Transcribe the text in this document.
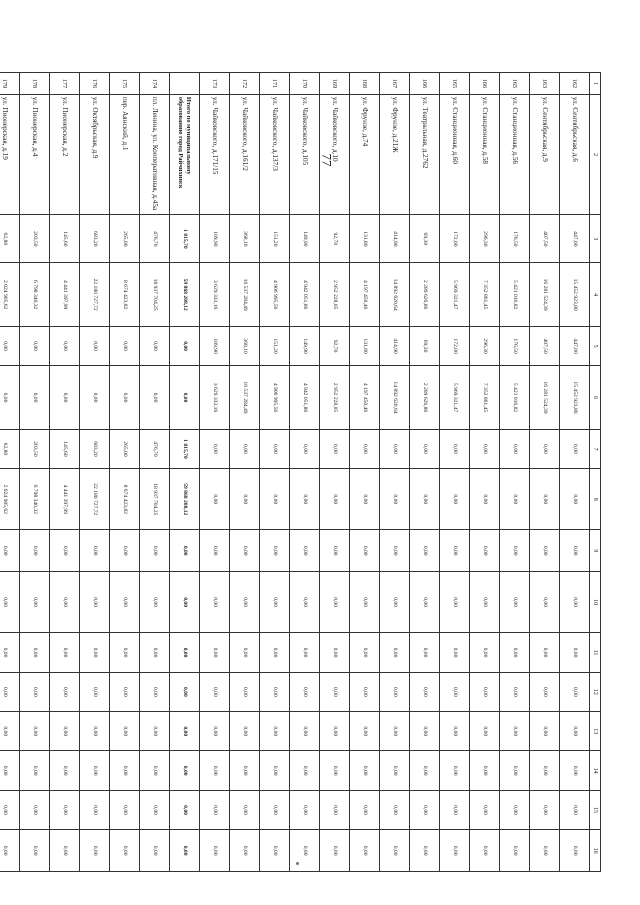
77
1	2	3	4	5	6	7	8	9	10	11	12	13	14	15	16
162	ул. Сентябрьская, д.6	447,00	15 452 923,80	447,00	15 452 923,80	0,00	0,00	0,00	0,00	0,00	0,00	0,00	0,00	0,00	0,00
163	ул. Сентябрьская, д.9	407,50	16 281 524,39	407,50	16 281 524,39	0,00	0,00	0,00	0,00	0,00	0,00	0,00	0,00	0,00	0,00
165	ул. Станционная, д.56	176,50	5 421 016,82	176,50	5 421 016,82	0,00	0,00	0,00	0,00	0,00	0,00	0,00	0,00	0,00	0,00
166	ул. Станционная, д.58	296,30	7 352 861,45	296,30	7 352 861,45	0,00	0,00	0,00	0,00	0,00	0,00	0,00	0,00	0,00	0,00
165	ул. Станционная, д.60	172,00	5 969 321,47	172,00	5 969 321,47	0,00	0,00	0,00	0,00	0,00	0,00	0,00	0,00	0,00	0,00
166	ул. Театральная, д.2762	69,30	2 289 626,86	69,30	2 289 626,86	0,00	0,00	0,00	0,00	0,00	0,00	0,00	0,00	0,00	0,00
167	ул. Фрунзе, д.21Ж	414,90	14 892 620,64	414,90	14 892 620,64	0,00	0,00	0,00	0,00	0,00	0,00	0,00	0,00	0,00	0,00
168	ул. Фрунзе, д.74	131,80	4 197 450,46	131,80	4 197 450,46	0,00	0,00	0,00	0,00	0,00	0,00	0,00	0,00	0,00	0,00
169	ул. Чайковского, д.10	92,70	2 952 228,05	92,70	2 952 228,05	0,00	0,00	0,00	0,00	0,00	0,00	0,00	0,00	0,00	0,00
170	ул. Чайковского, д.105	149,90	4 942 051,86	149,90	4 942 051,86	0,00	0,00	0,00	0,00	0,00	0,00	0,00	0,00	0,00	0,00
171	ул. Чайковского, д.137/3	151,20	4 906 995,56	151,20	4 906 995,56	0,00	0,00	0,00	0,00	0,00	0,00	0,00	0,00	0,00	0,00
172	ул. Чайковского, д.161/2	368,10	10 537 284,49	368,10	10 537 284,49	0,00	0,00	0,00	0,00	0,00	0,00	0,00	0,00	0,00	0,00
173	ул. Чайковского, д.171/15	109,90	3 629 333,16	109,90	3 629 333,16	0,00	0,00	0,00	0,00	0,00	0,00	0,00	0,00	0,00	0,00
	Итого по муниципальному образованию город Райчихинск	1 815,70	59 868 208,12	0,00	0,00	1 815,70	59 868 208,12	0,00	0,00	0,00	0,00	0,00	0,00	0,00	0,00
174	пл. Ленина, ул. Кооперативная, д.45а	476,70	18 937 704,25	0,00	0,00	476,70	18 937 704,25	0,00	0,00	0,00	0,00	0,00	0,00	0,00	0,00
175	пер. Аянский, д.1	265,00	8 674 423,82	0,00	0,00	265,00	8 674 423,82	0,00	0,00	0,00	0,00	0,00	0,00	0,00	0,00
176	ул. Октябрьская, д.9	683,20	22 180 727,72	0,00	0,00	683,20	22 180 727,72	0,00	0,00	0,00	0,00	0,00	0,00	0,00	0,00
177	ул. Пионерская, д.2	145,60	4 441 397,99	0,00	0,00	145,60	4 441 397,99	0,00	0,00	0,00	0,00	0,00	0,00	0,00	0,00
178	ул. Пионерская, д.4	203,50	6 798 340,32	0,00	0,00	203,50	6 798 340,32	0,00	0,00	0,00	0,00	0,00	0,00	0,00	0,00
179	ул. Пионерская, д.19	62,80	2 024 905,62	0,00	0,00	62,80	2 024 905,62	0,00	0,00	0,00	0,00	0,00	0,00	0,00	0,00
